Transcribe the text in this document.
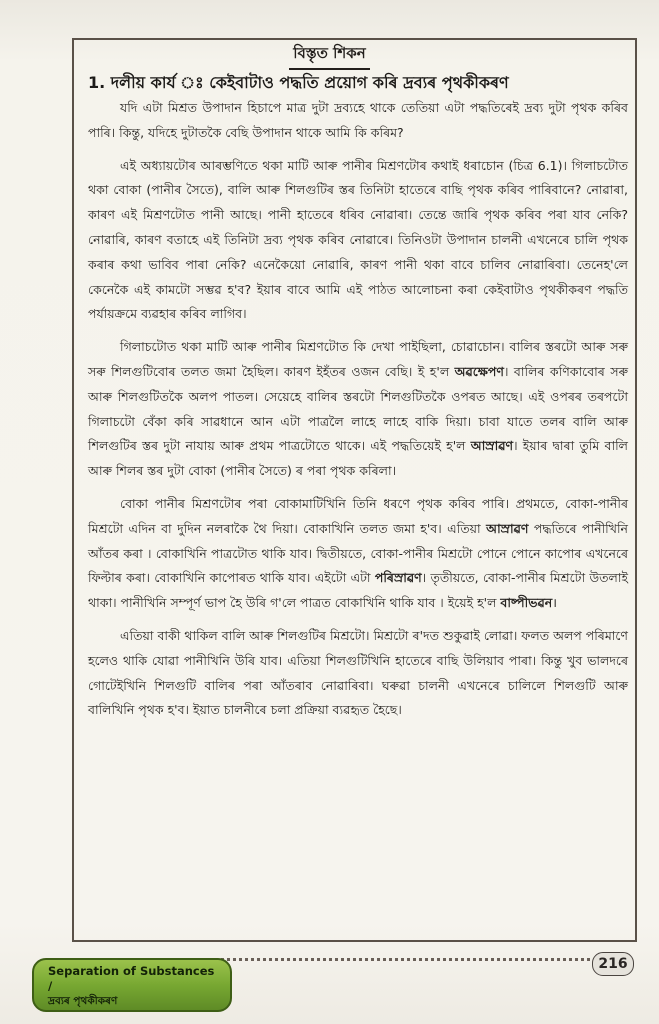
বিস্তৃত শিকন
1. দলীয় কাৰ্য ঃ কেইবাটাও পদ্ধতি প্ৰয়োগ কৰি দ্ৰব্যৰ পৃথকীকৰণ

যদি এটা মিশ্ৰত উপাদান হিচাপে মাত্ৰ দুটা দ্ৰব্যহে থাকে তেতিয়া এটা পদ্ধতিৰেই দ্ৰব্য দুটা পৃথক কৰিব পাৰি। কিন্তু, যদিহে দুটাতকৈ বেছি উপাদান থাকে আমি কি কৰিম?

এই অধ্যায়টোৰ আৰম্ভণিতে থকা মাটি আৰু পানীৰ মিশ্ৰণটোৰ কথাই ধৰাচোন (চিত্ৰ 6.1)। গিলাচটোত থকা বোকা (পানীৰ সৈতে), বালি আৰু শিলগুটিৰ স্তৰ তিনিটা হাতেৰে বাছি পৃথক কৰিব পাৰিবানে? নোৱাৰা, কাৰণ এই মিশ্ৰণটোত পানী আছে। পানী হাতেৰে ধৰিব নোৱাৰা। তেন্তে জাৰি পৃথক কৰিব পৰা যাব নেকি? নোৱাৰি, কাৰণ বতাহে এই তিনিটা দ্ৰব্য পৃথক কৰিব নোৱাৰে। তিনিওটা উপাদান চালনী এখনেৰে চালি পৃথক কৰাৰ কথা ভাবিব পাৰা নেকি? এনেকৈয়ো নোৱাৰি, কাৰণ পানী থকা বাবে চালিব নোৱাৰিবা। তেনেহ'লে কেনেকৈ এই কামটো সম্ভৱ হ'ব? ইয়াৰ বাবে আমি এই পাঠত আলোচনা কৰা কেইবাটাও পৃথকীকৰণ পদ্ধতি পৰ্যায়ক্ৰমে ব্যৱহাৰ কৰিব লাগিব।

গিলাচটোত থকা মাটি আৰু পানীৰ মিশ্ৰণটোত কি দেখা পাইছিলা, চোৱাচোন। বালিৰ স্তৰটো আৰু সৰু সৰু শিলগুটিবোৰ তলত জমা হৈছিল। কাৰণ ইহঁতৰ ওজন বেছি। ই হ'ল অৱক্ষেপণ। বালিৰ কণিকাবোৰ সৰু আৰু শিলগুটিতকৈ অলপ পাতল। সেয়েহে বালিৰ স্তৰটো শিলগুটিতকৈ ওপৰত আছে। এই ওপৰৰ তৰপটো গিলাচটো বেঁকা কৰি সাৱধানে আন এটা পাত্ৰলৈ লাহে লাহে বাকি দিয়া। চাবা যাতে তলৰ বালি আৰু শিলগুটিৰ স্তৰ দুটা নাযায় আৰু প্ৰথম পাত্ৰটোতে থাকে। এই পদ্ধতিয়েই হ'ল আস্ৰাৱণ। ইয়াৰ দ্বাৰা তুমি বালি আৰু শিলৰ স্তৰ দুটা বোকা (পানীৰ সৈতে) ৰ পৰা পৃথক কৰিলা।

বোকা পানীৰ মিশ্ৰণটোৰ পৰা বোকামাটিখিনি তিনি ধৰণে পৃথক কৰিব পাৰি। প্ৰথমতে, বোকা-পানীৰ মিশ্ৰটো এদিন বা দুদিন নলৰাকৈ থৈ দিয়া। বোকাখিনি তলত জমা হ'ব। এতিয়া আস্ৰাৱণ পদ্ধতিৰে পানীখিনি আঁতৰ কৰা । বোকাখিনি পাত্ৰটোত থাকি যাব। দ্বিতীয়তে, বোকা-পানীৰ মিশ্ৰটো পোনে পোনে কাপোৰ এখনেৰে ফিল্টাৰ কৰা। বোকাখিনি কাপোৰত থাকি যাব। এইটো এটা পৰিস্ৰাৱণ। তৃতীয়তে, বোকা-পানীৰ মিশ্ৰটো উতলাই থাকা। পানীখিনি সম্পূৰ্ণ ভাপ হৈ উৰি গ'লে পাত্ৰত বোকাখিনি থাকি যাব । ইয়েই হ'ল বাষ্পীভৱন।

এতিয়া বাকী থাকিল বালি আৰু শিলগুটিৰ মিশ্ৰটো। মিশ্ৰটো ৰ'দত শুকুৱাই লোৱা। ফলত অলপ পৰিমাণে হলেও থাকি যোৱা পানীখিনি উৰি যাব। এতিয়া শিলগুটিখিনি হাতেৰে বাছি উলিয়াব পাৰা। কিন্তু খুব ভালদৰে গোটেইখিনি শিলগুটি বালিৰ পৰা আঁতৰাব নোৱাৰিবা। ঘৰুৱা চালনী এখনেৰে চালিলে শিলগুটি আৰু বালিখিনি পৃথক হ'ব। ইয়াত চালনীৰে চলা প্ৰক্ৰিয়া ব্যৱহৃত হৈছে।

Separation of Substances /
দ্ৰব্যৰ পৃথকীকৰণ
216
